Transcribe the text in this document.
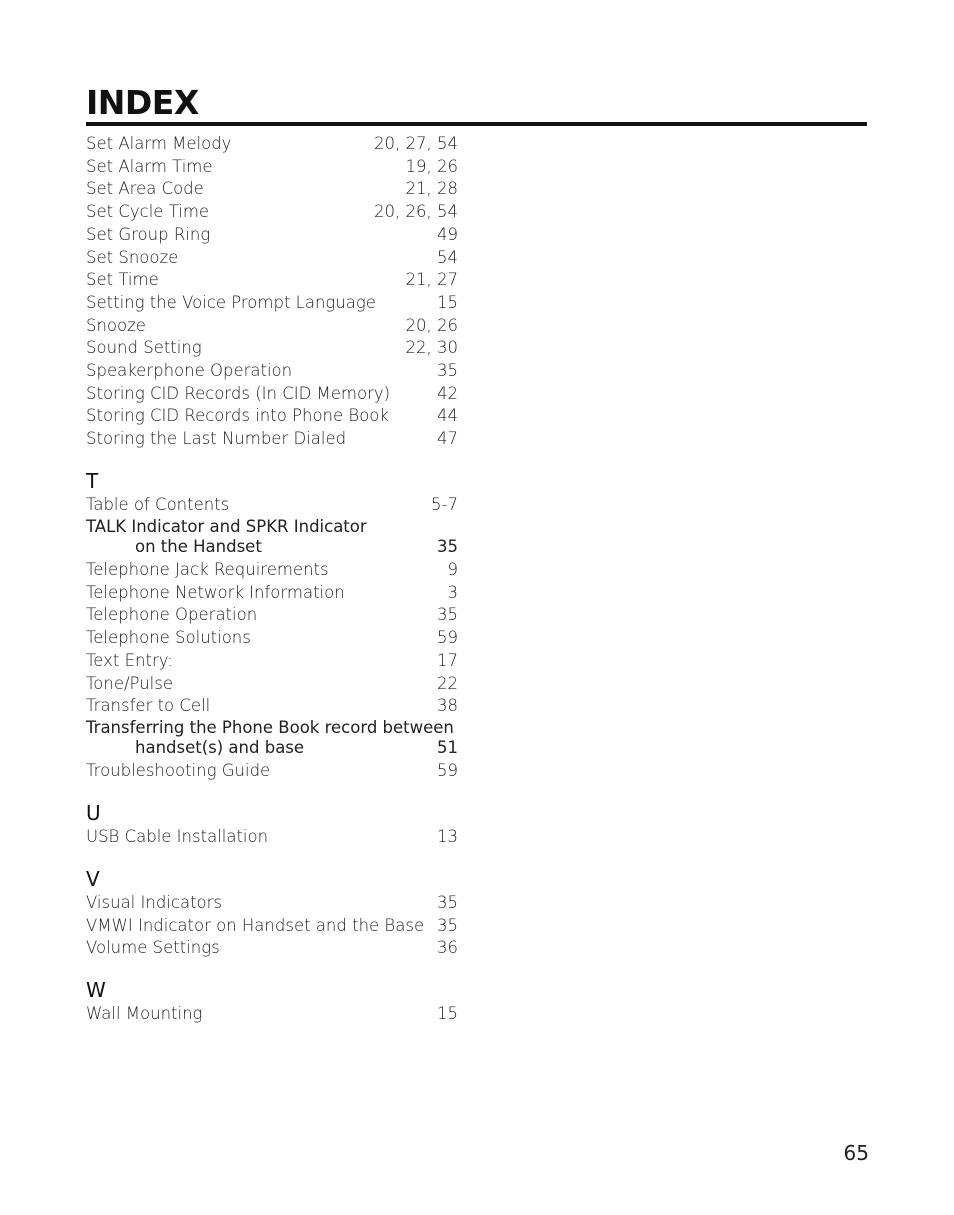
INDEX
Set Alarm Melody	20, 27, 54
Set Alarm Time	19, 26
Set Area Code	21, 28
Set Cycle Time	20, 26, 54
Set Group Ring	49
Set Snooze	54
Set Time	21, 27
Setting the Voice Prompt Language	15
Snooze	20, 26
Sound Setting	22, 30
Speakerphone Operation	35
Storing CID Records (In CID Memory)	42
Storing CID Records into Phone Book	44
Storing the Last Number Dialed	47
T
Table of Contents	5-7
TALK Indicator and SPKR Indicator
on the Handset	35
Telephone Jack Requirements	9
Telephone Network Information	3
Telephone Operation	35
Telephone Solutions	59
Text Entry:	17
Tone/Pulse	22
Transfer to Cell	38
Transferring the Phone Book record between
handset(s) and base	51
Troubleshooting Guide	59
U
USB Cable Installation	13
V
Visual Indicators	35
VMWI Indicator on Handset and the Base 35
Volume Settings	36
W
Wall Mounting	15
65
